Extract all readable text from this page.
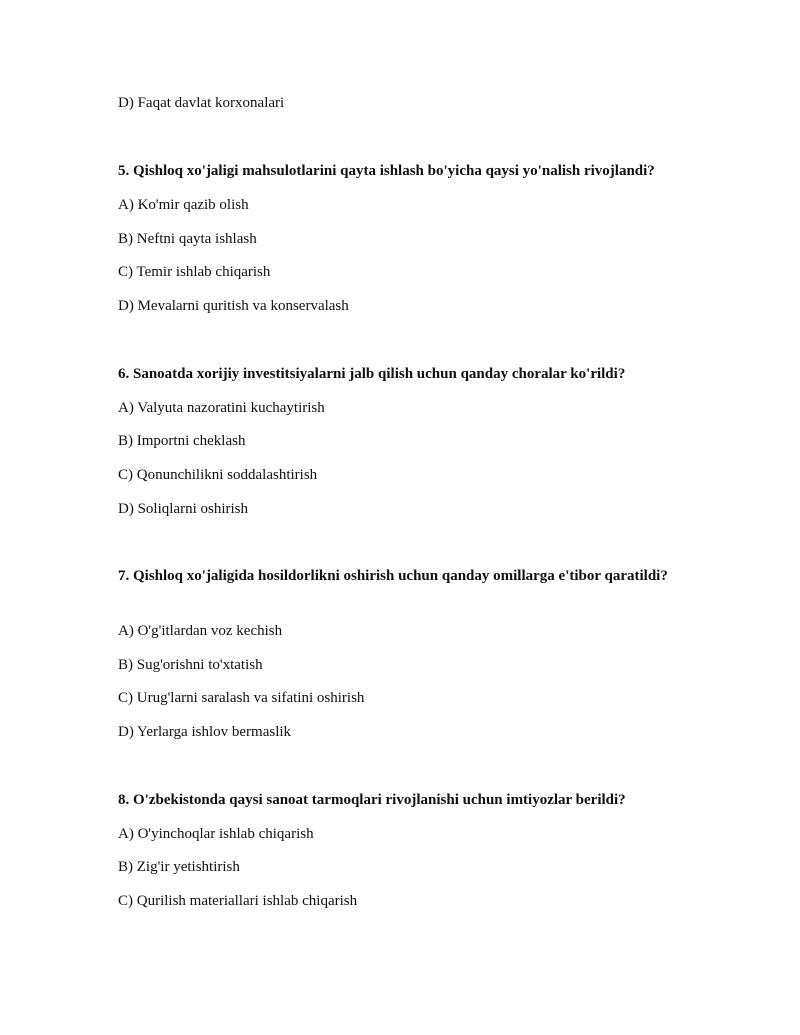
D) Faqat davlat korxonalari
5. Qishloq xo'jaligi mahsulotlarini qayta ishlash bo'yicha qaysi yo'nalish rivojlandi?
A) Ko'mir qazib olish
B) Neftni qayta ishlash
C) Temir ishlab chiqarish
D) Mevalarni quritish va konservalash
6. Sanoatda xorijiy investitsiyalarni jalb qilish uchun qanday choralar ko'rildi?
A) Valyuta nazoratini kuchaytirish
B) Importni cheklash
C) Qonunchilikni soddalashtirish
D) Soliqlarni oshirish
7. Qishloq xo'jaligida hosildorlikni oshirish uchun qanday omillarga e'tibor qaratildi?
A) O'g'itlardan voz kechish
B) Sug'orishni to'xtatish
C) Urug'larni saralash va sifatini oshirish
D) Yerlarga ishlov bermaslik
8. O'zbekistonda qaysi sanoat tarmoqlari rivojlanishi uchun imtiyozlar berildi?
A) O'yinchoqlar ishlab chiqarish
B) Zig'ir yetishtirish
C) Qurilish materiallari ishlab chiqarish
